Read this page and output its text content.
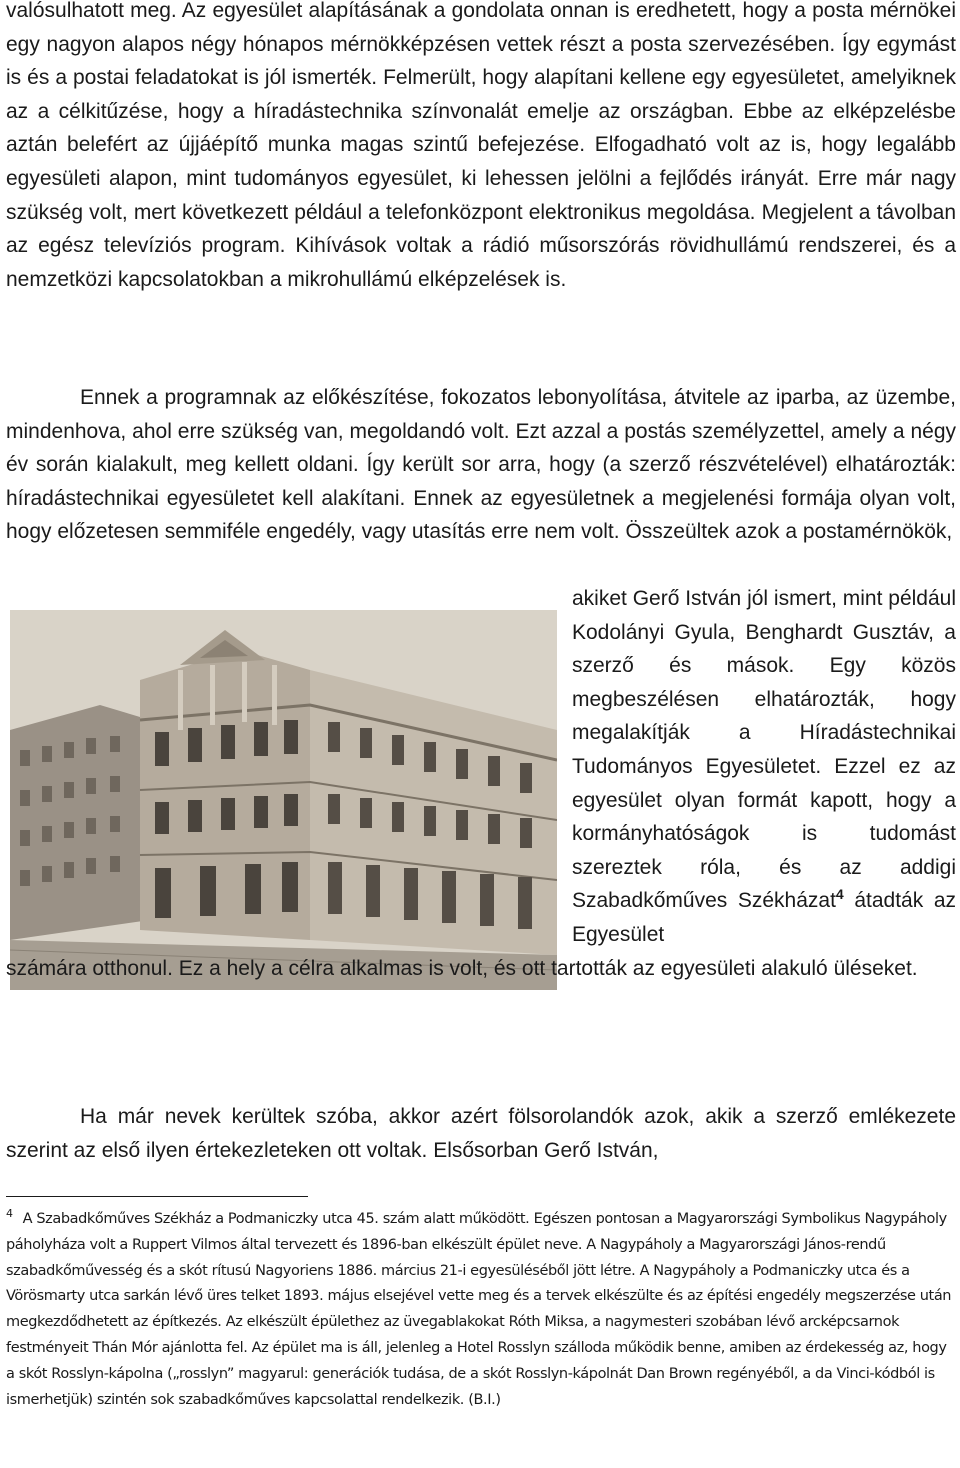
valósulhatott meg. Az egyesület alapításának a gondolata onnan is eredhetett, hogy a posta mérnökei egy nagyon alapos négy hónapos mérnökképzésen vettek részt a posta szervezésében. Így egymást is és a postai feladatokat is jól ismerték. Felmerült, hogy alapítani kellene egy egyesületet, amelyiknek az a célkitűzése, hogy a híradástechnika színvonalát emelje az országban. Ebbe az elképzelésbe aztán belefért az újjáépítő munka magas szintű befejezése. Elfogadható volt az is, hogy legalább egyesületi alapon, mint tudományos egyesület, ki lehessen jelölni a fejlődés irányát. Erre már nagy szükség volt, mert következett például a telefonközpont elektronikus megoldása. Megjelent a távolban az egész televíziós program. Kihívások voltak a rádió műsorszórás rövidhullámú rendszerei, és a nemzetközi kapcsolatokban a mikrohullámú elképzelések is.

Ennek a programnak az előkészítése, fokozatos lebonyolítása, átvitele az iparba, az üzembe, mindenhova, ahol erre szükség van, megoldandó volt. Ezt azzal a postás személyzettel, amely a négy év során kialakult, meg kellett oldani. Így került sor arra, hogy (a szerző részvételével) elhatározták: híradástechnikai egyesületet kell alakítani. Ennek az egyesületnek a megjelenési formája olyan volt, hogy előzetesen semmiféle engedély, vagy utasítás erre nem volt. Összeültek azok a postamérnökök,

akiket Gerő István jól ismert, mint például Kodolányi Gyula, Benghardt Gusztáv, a szerző és mások. Egy közös megbeszélésen elhatározták, hogy megalakítják a Híradástechnikai Tudományos Egyesületet. Ezzel ez az egyesület olyan formát kapott, hogy a kormányhatóságok is tudomást szereztek róla, és az addigi Szabadkőműves Székházat$^4$ átadták az Egyesület

számára otthonul. Ez a hely a célra alkalmas is volt, és ott tartották az egyesületi alakuló üléseket.

Ha már nevek kerültek szóba, akkor azért fölsorolandók azok, akik a szerző emlékezete szerint az első ilyen értekezleteken ott voltak. Elsősorban Gerő István,

$^4$ A Szabadkőműves Székház a Podmaniczky utca 45. szám alatt működött. Egészen pontosan a Magyarországi Symbolikus Nagypáholy páholyháza volt a Ruppert Vilmos által tervezett és 1896-ban elkészült épület neve. A Nagypáholy a Magyarországi János-rendű szabadkőművesség és a skót rítusú Nagyoriens 1886. március 21-i egyesüléséből jött létre. A Nagypáholy a Podmaniczky utca és a Vörösmarty utca sarkán lévő üres telket 1893. május elsejével vette meg és a tervek elkészülte és az építési engedély megszerzése után megkezdődhetett az építkezés. Az elkészült épülethez az üvegablakokat Róth Miksa, a nagymesteri szobában lévő arcképcsarnok festményeit Thán Mór ajánlotta fel. Az épület ma is áll, jelenleg a Hotel Rosslyn szálloda működik benne, amiben az érdekesség az, hogy a skót Rosslyn-kápolna („rosslyn” magyarul: generációk tudása, de a skót Rosslyn-kápolnát Dan Brown regényéből, a da Vinci-kódból is ismerhetjük) szintén sok szabadkőműves kapcsolattal rendelkezik. (B.I.)
